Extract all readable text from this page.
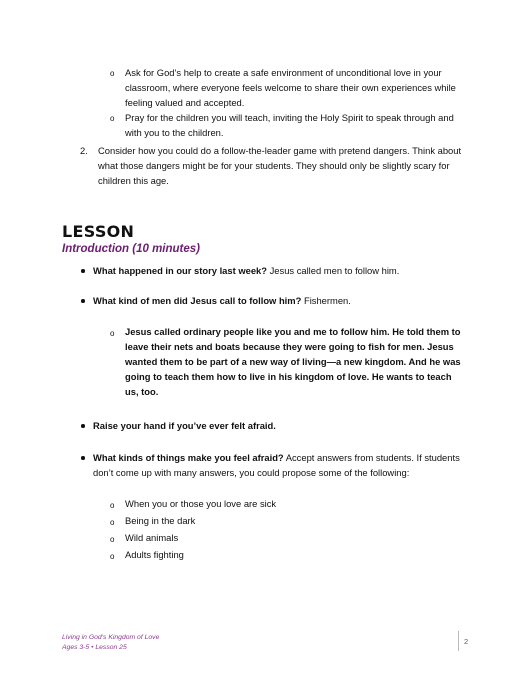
o Ask for God’s help to create a safe environment of unconditional love in your
classroom, where everyone feels welcome to share their own experiences while
feeling valued and accepted.
o Pray for the children you will teach, inviting the Holy Spirit to speak through and
with you to the children.
2. Consider how you could do a follow-the-leader game with pretend dangers. Think about
what those dangers might be for your students. They should only be slightly scary for
children this age.
LESSON
Introduction (10 minutes)
What happened in our story last week? Jesus called men to follow him.
What kind of men did Jesus call to follow him? Fishermen.
o Jesus called ordinary people like you and me to follow him. He told them to
leave their nets and boats because they were going to fish for men. Jesus
wanted them to be part of a new way of living—a new kingdom. And he was
going to teach them how to live in his kingdom of love. He wants to teach
us, too.
Raise your hand if you’ve ever felt afraid.
What kinds of things make you feel afraid? Accept answers from students. If students
don’t come up with many answers, you could propose some of the following:
o When you or those you love are sick
o Being in the dark
o Wild animals
o Adults fighting
Living in God’s Kingdom of Love
Ages 3-5 • Lesson 25
2
